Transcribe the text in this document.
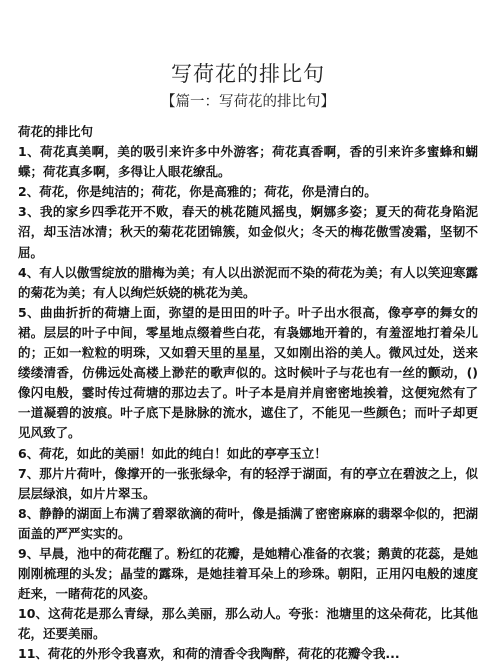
写荷花的排比句
【篇一：写荷花的排比句】

荷花的排比句

1、荷花真美啊，美的吸引来许多中外游客；荷花真香啊，香的引来许多蜜蜂和蝴蝶；荷花真多啊，多得让人眼花缭乱。

2、荷花，你是纯洁的；荷花，你是高雅的；荷花，你是清白的。

3、我的家乡四季花开不败，春天的桃花随风摇曳，婀娜多姿；夏天的荷花身陷泥沼，却玉洁冰清；秋天的菊花花团锦簇，如金似火；冬天的梅花傲雪凌霜，坚韧不屈。

4、有人以傲雪绽放的腊梅为美；有人以出淤泥而不染的荷花为美；有人以笑迎寒露的菊花为美；有人以绚烂妖娆的桃花为美。

5、曲曲折折的荷塘上面，弥望的是田田的叶子。叶子出水很高，像亭亭的舞女的裙。层层的叶子中间，零星地点缀着些白花，有袅娜地开着的，有羞涩地打着朵儿的；正如一粒粒的明珠，又如碧天里的星星，又如刚出浴的美人。微风过处，送来缕缕清香，仿佛远处高楼上渺茫的歌声似的。这时候叶子与花也有一丝的颤动，()像闪电般，霎时传过荷塘的那边去了。叶子本是肩并肩密密地挨着，这便宛然有了一道凝碧的波痕。叶子底下是脉脉的流水，遮住了，不能见一些颜色；而叶子却更见风致了。

6、荷花，如此的美丽！如此的纯白！如此的亭亭玉立！

7、那片片荷叶，像撑开的一张张绿伞，有的轻浮于湖面，有的亭立在碧波之上，似层层绿浪，如片片翠玉。

8、静静的湖面上布满了碧翠欲滴的荷叶，像是插满了密密麻麻的翡翠伞似的，把湖面盖的严严实实的。

9、早晨，池中的荷花醒了。粉红的花瓣，是她精心准备的衣裳；鹅黄的花蕊，是她刚刚梳理的头发；晶莹的露珠，是她挂着耳朵上的珍珠。朝阳，正用闪电般的速度赶来，一睹荷花的风姿。

10、这荷花是那么青绿，那么美丽，那么动人。夸张：池塘里的这朵荷花，比其他花，还要美丽。

11、荷花的外形令我喜欢，和荷的清香令我陶醉，荷花的花瓣令我...
